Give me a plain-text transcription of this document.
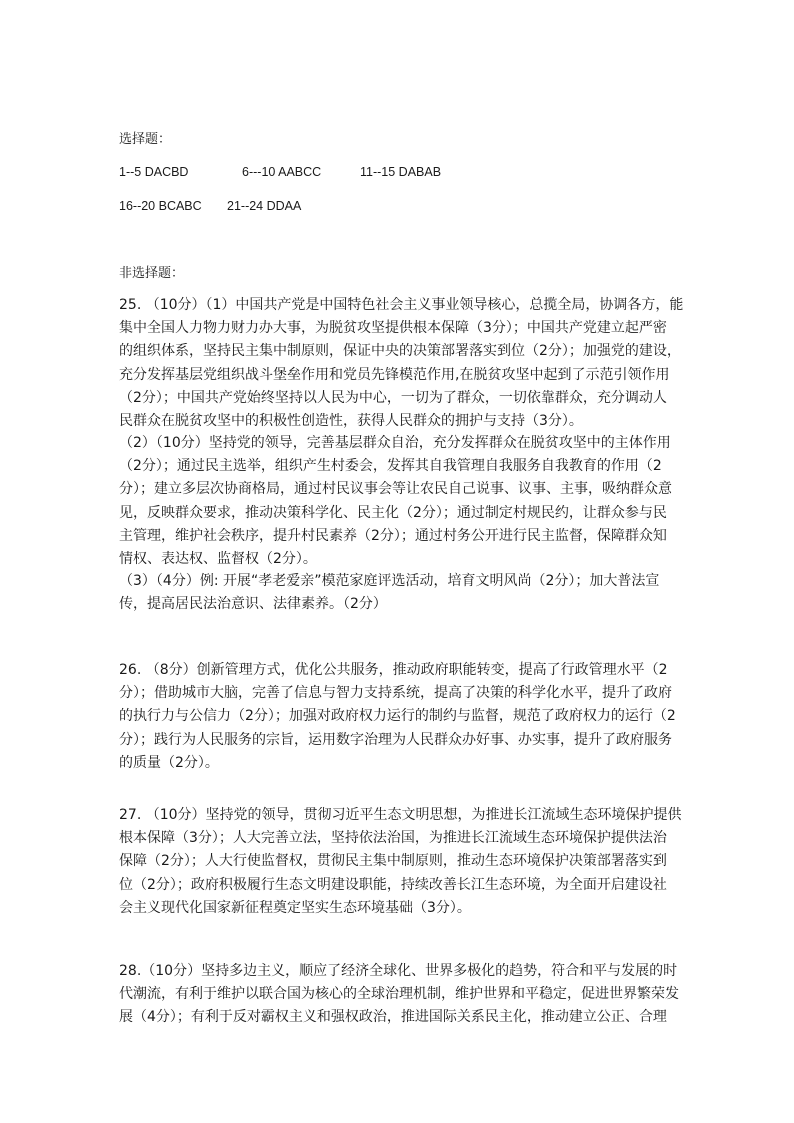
选择题：
1--5 DACBD	6---10 AABCC	11--15 DABAB
16--20 BCABC 21--24 DDAA
非选择题：
25. （10分）（1）中国共产党是中国特色社会主义事业领导核心，总揽全局，协调各方，能
集中全国人力物力财力办大事，为脱贫攻坚提供根本保障（3分）；中国共产党建立起严密
的组织体系，坚持民主集中制原则，保证中央的决策部署落实到位（2分）；加强党的建设，
充分发挥基层党组织战斗堡垒作用和党员先锋模范作用,在脱贫攻坚中起到了示范引领作用
（2分）；中国共产党始终坚持以人民为中心，一切为了群众，一切依靠群众，充分调动人
民群众在脱贫攻坚中的积极性创造性，获得人民群众的拥护与支持（3分）。
（2）（10分）坚持党的领导，完善基层群众自治，充分发挥群众在脱贫攻坚中的主体作用
（2分）；通过民主选举，组织产生村委会，发挥其自我管理自我服务自我教育的作用（2
分）；建立多层次协商格局，通过村民议事会等让农民自己说事、议事、主事，吸纳群众意
见，反映群众要求，推动决策科学化、民主化（2分）；通过制定村规民约，让群众参与民
主管理，维护社会秩序，提升村民素养（2分）；通过村务公开进行民主监督，保障群众知
情权、表达权、监督权（2分）。
（3）（4分）例: 开展“孝老爱亲”模范家庭评选活动，培育文明风尚（2分）；加大普法宣
传，提高居民法治意识、法律素养。（2分）
26. （8分）创新管理方式，优化公共服务，推动政府职能转变，提高了行政管理水平（2
分）；借助城市大脑，完善了信息与智力支持系统，提高了决策的科学化水平，提升了政府
的执行力与公信力（2分）；加强对政府权力运行的制约与监督，规范了政府权力的运行（2
分）；践行为人民服务的宗旨，运用数字治理为人民群众办好事、办实事，提升了政府服务
的质量（2分）。
27. （10分）坚持党的领导，贯彻习近平生态文明思想，为推进长江流域生态环境保护提供
根本保障（3分）；人大完善立法，坚持依法治国，为推进长江流域生态环境保护提供法治
保障（2分）；人大行使监督权，贯彻民主集中制原则，推动生态环境保护决策部署落实到
位（2分）；政府积极履行生态文明建设职能，持续改善长江生态环境，为全面开启建设社
会主义现代化国家新征程奠定坚实生态环境基础（3分）。
28.（10分）坚持多边主义，顺应了经济全球化、世界多极化的趋势，符合和平与发展的时
代潮流，有利于维护以联合国为核心的全球治理机制，维护世界和平稳定，促进世界繁荣发
展（4分）；有利于反对霸权主义和强权政治，推进国际关系民主化，推动建立公正、合理
